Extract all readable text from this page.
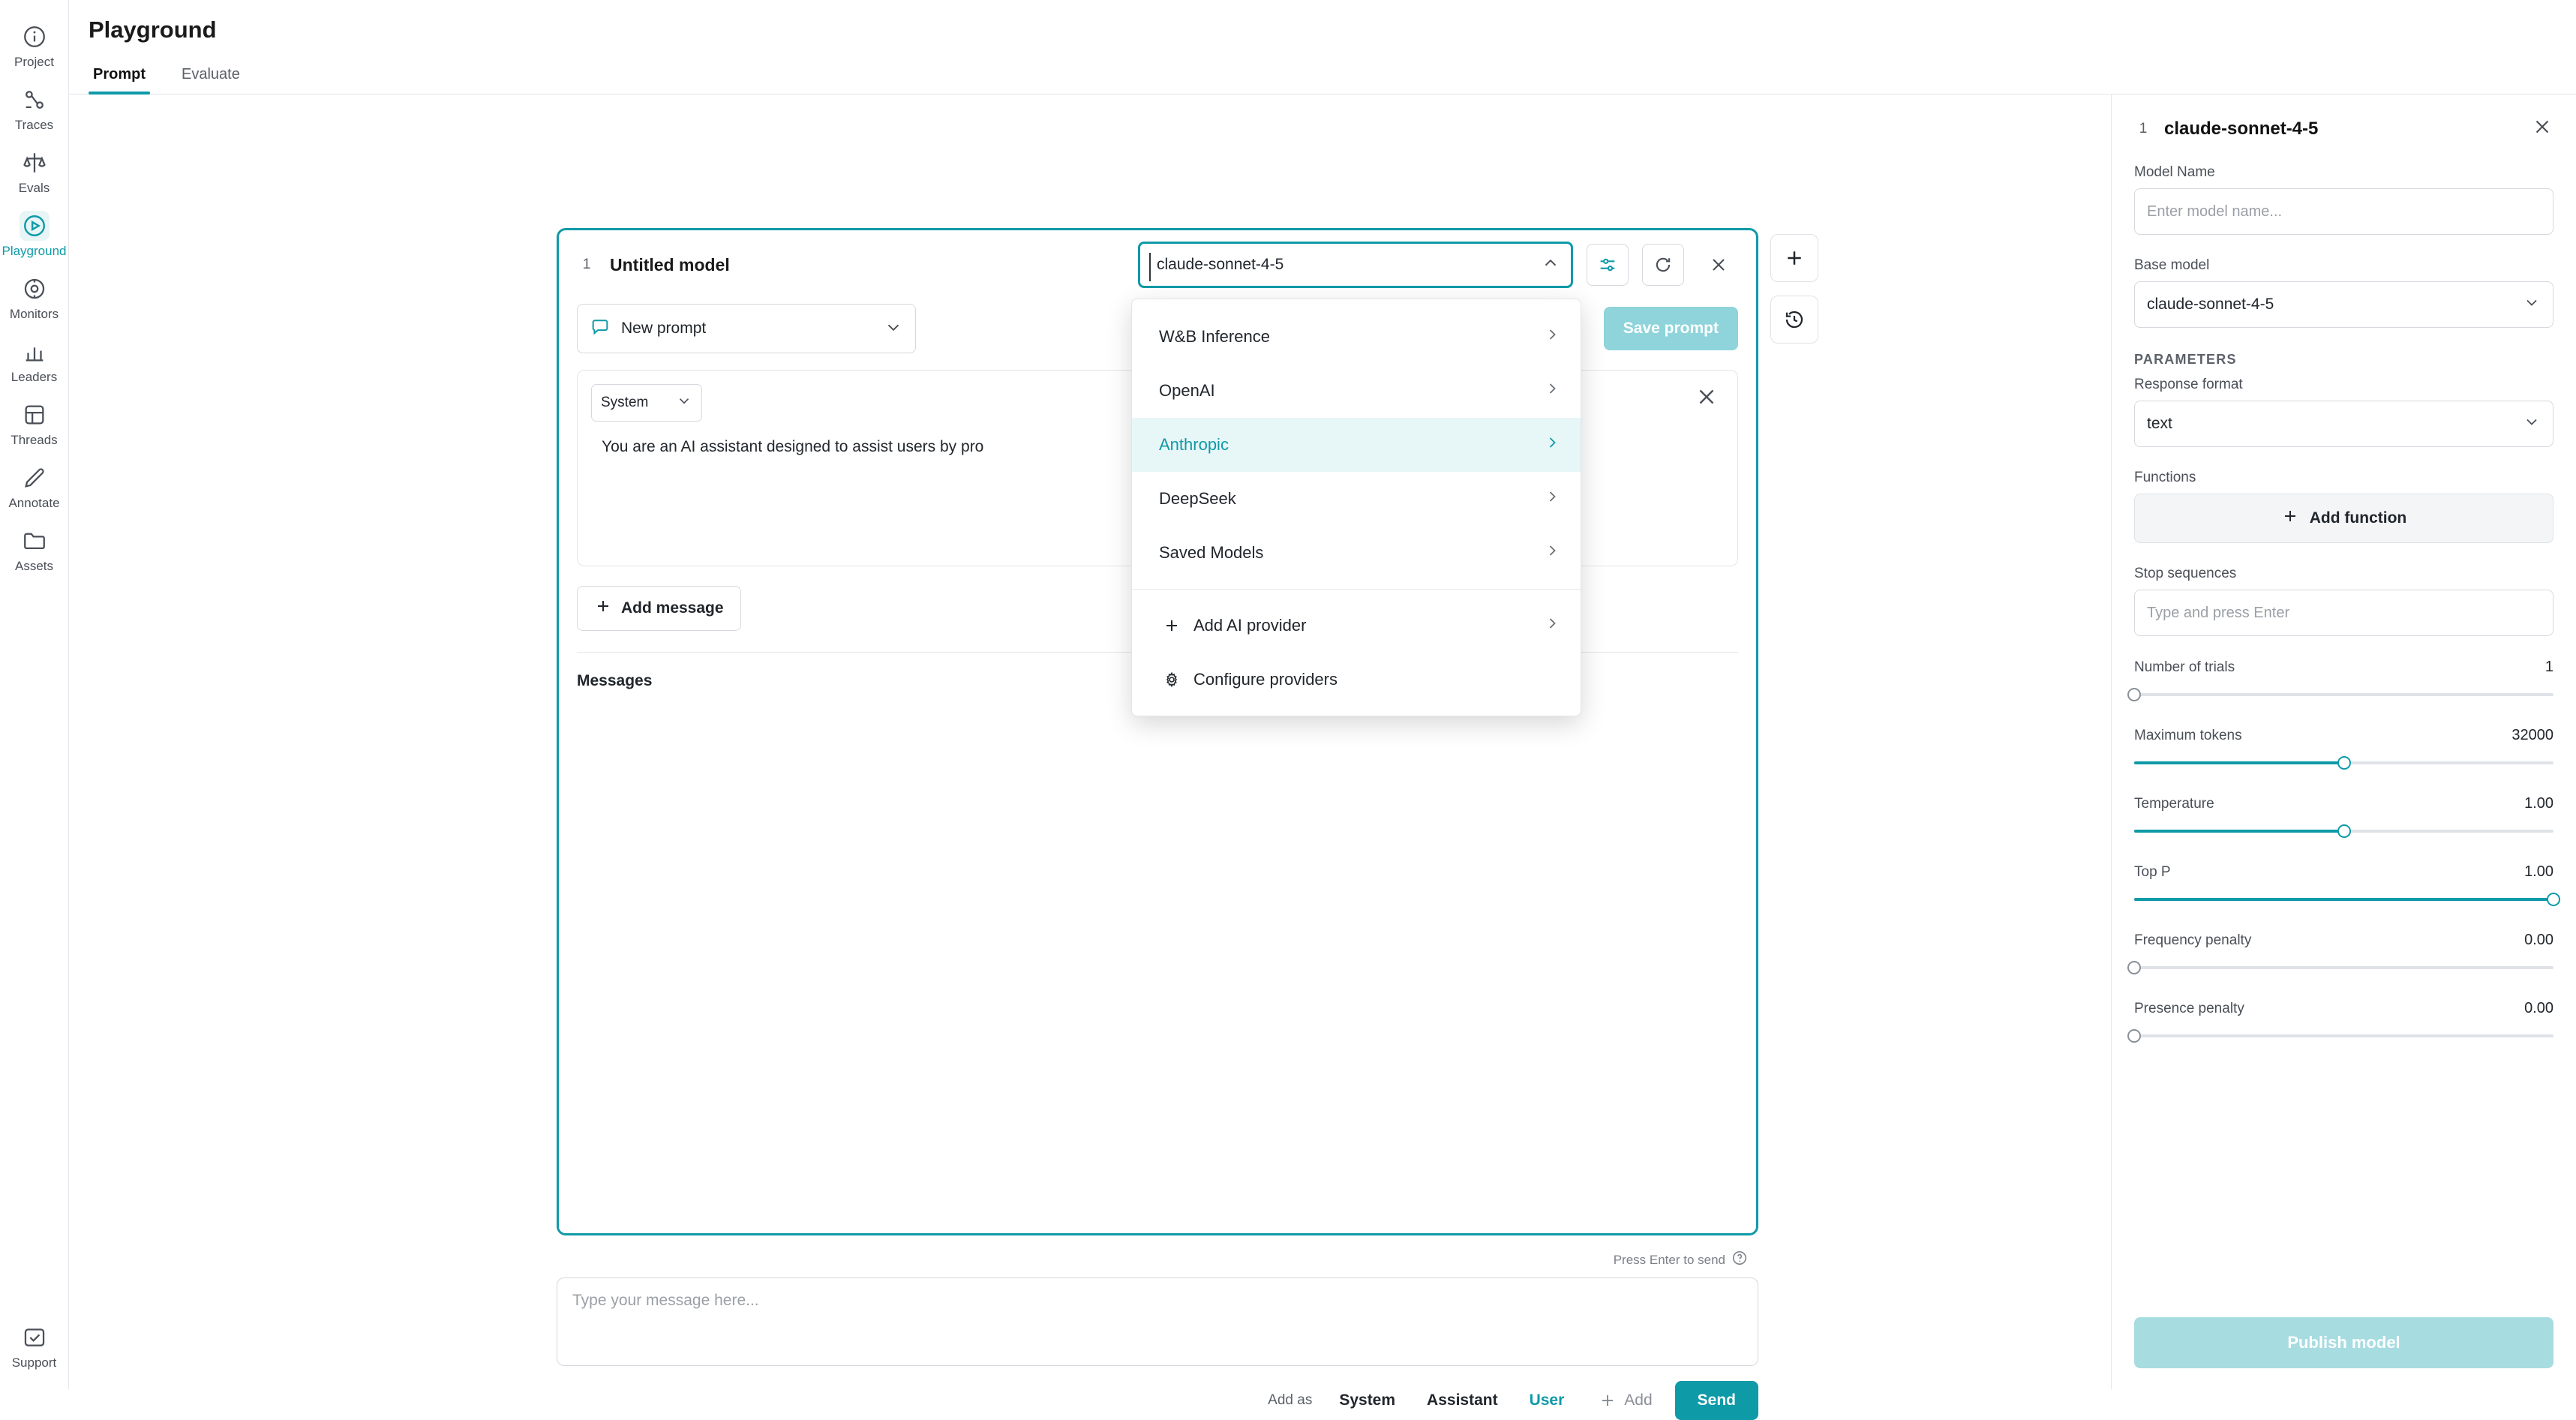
Project
Traces
Evals
Playground
Monitors
Leaders
Threads
Annotate
Assets
Support
Playground
Prompt	Evaluate
1	Untitled model	claude-sonnet-4-5
New prompt	Save prompt
System
You are an AI assistant designed to assist users by pro
Add message
Messages
Press Enter to send
Type your message here...
Add as	System	Assistant	User	Add	Send
W&B Inference
OpenAI
Anthropic
DeepSeek
Saved Models
Add AI provider
Configure providers
1 claude-sonnet-4-5
Model Name
Enter model name...
Base model
claude-sonnet-4-5
PARAMETERS
Response format
text
Functions
Add function
Stop sequences
Type and press Enter
Number of trials	1
Maximum tokens	32000
Temperature	1.00
Top P	1.00
Frequency penalty	0.00
Presence penalty	0.00
Publish model
